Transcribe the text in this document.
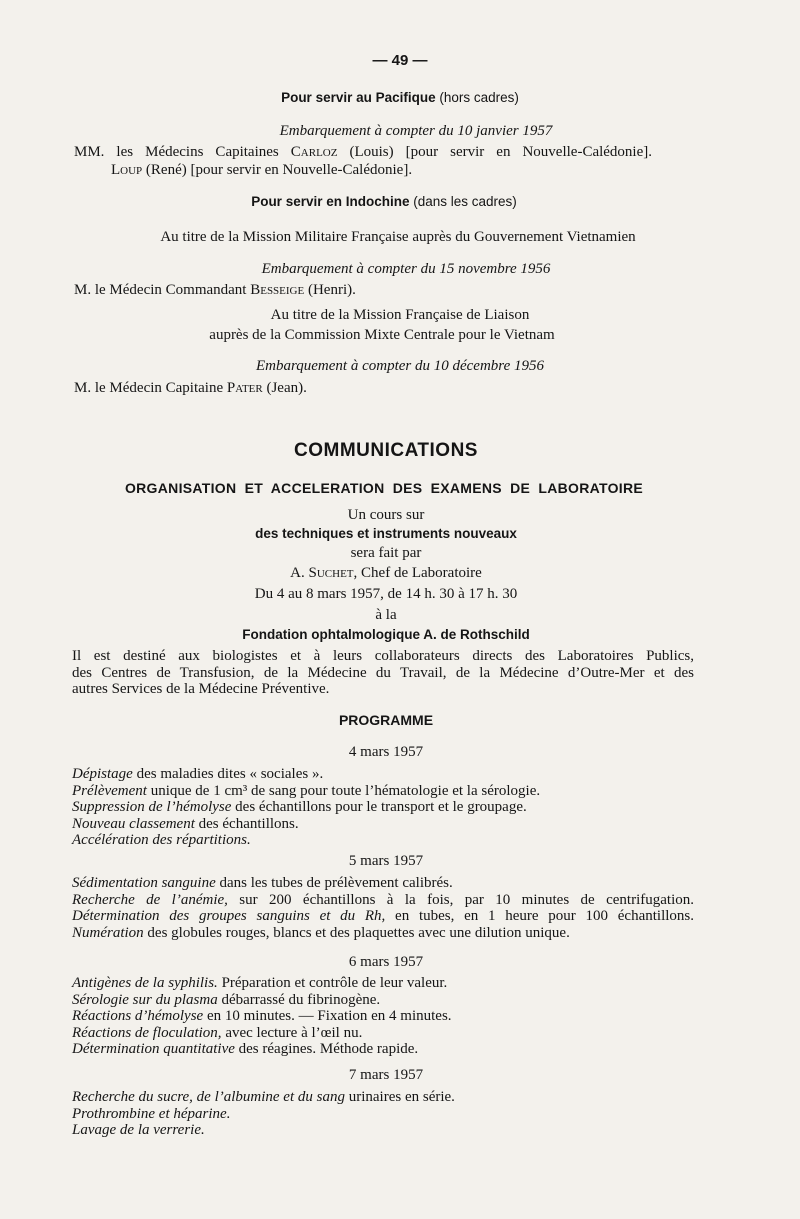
— 49 —
Pour servir au Pacifique (hors cadres)
Embarquement à compter du 10 janvier 1957
MM. les Médecins Capitaines Carloz (Louis) [pour servir en Nouvelle-Calédonie].
Loup (René) [pour servir en Nouvelle-Calédonie].
Pour servir en Indochine (dans les cadres)
Au titre de la Mission Militaire Française auprès du Gouvernement Vietnamien
Embarquement à compter du 15 novembre 1956
M. le Médecin Commandant Besseige (Henri).
Au titre de la Mission Française de Liaison
auprès de la Commission Mixte Centrale pour le Vietnam
Embarquement à compter du 10 décembre 1956
M. le Médecin Capitaine Pater (Jean).
COMMUNICATIONS
ORGANISATION ET ACCELERATION DES EXAMENS DE LABORATOIRE
Un cours sur
des techniques et instruments nouveaux
sera fait par
A. Suchet, Chef de Laboratoire
Du 4 au 8 mars 1957, de 14 h. 30 à 17 h. 30
à la
Fondation ophtalmologique A. de Rothschild
Il est destiné aux biologistes et à leurs collaborateurs directs des Laboratoires Publics,
des Centres de Transfusion, de la Médecine du Travail, de la Médecine d’Outre-Mer et des
autres Services de la Médecine Préventive.
PROGRAMME
4 mars 1957
Dépistage des maladies dites « sociales ».
Prélèvement unique de 1 cm³ de sang pour toute l’hématologie et la sérologie.
Suppression de l’hémolyse des échantillons pour le transport et le groupage.
Nouveau classement des échantillons.
Accélération des répartitions.
5 mars 1957
Sédimentation sanguine dans les tubes de prélèvement calibrés.
Recherche de l’anémie, sur 200 échantillons à la fois, par 10 minutes de centrifugation.
Détermination des groupes sanguins et du Rh, en tubes, en 1 heure pour 100 échantillons.
Numération des globules rouges, blancs et des plaquettes avec une dilution unique.
6 mars 1957
Antigènes de la syphilis. Préparation et contrôle de leur valeur.
Sérologie sur du plasma débarrassé du fibrinogène.
Réactions d’hémolyse en 10 minutes. — Fixation en 4 minutes.
Réactions de floculation, avec lecture à l’œil nu.
Détermination quantitative des réagines. Méthode rapide.
7 mars 1957
Recherche du sucre, de l’albumine et du sang urinaires en série.
Prothrombine et héparine.
Lavage de la verrerie.
